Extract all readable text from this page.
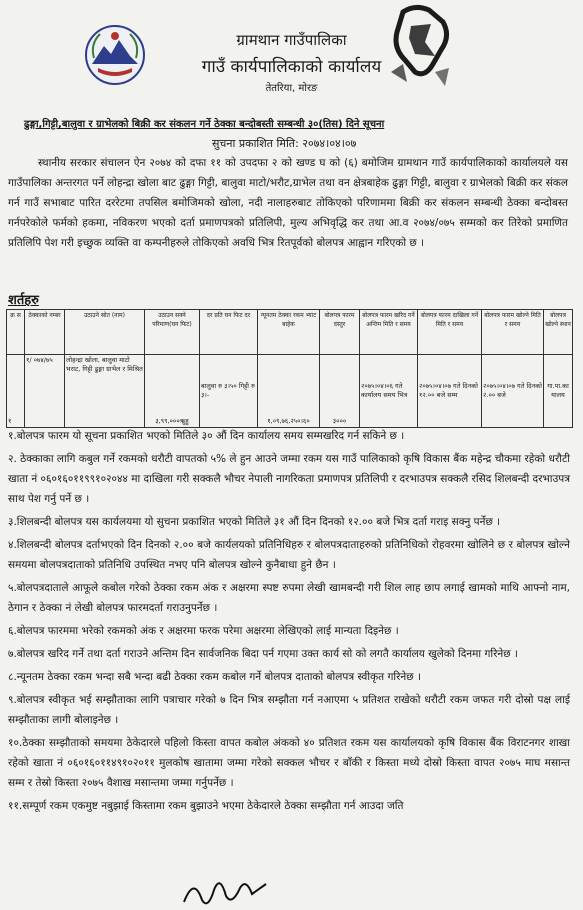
ग्रामथान गाउँपालिका
गाउँ कार्यपालिकाको कार्यालय
तेतरिया, मोरङ
ढुङ्गा,गिट्टी,बालुवा र ग्राभेलको बिक्री कर संकलन गर्ने ठेक्का बन्दोबस्ती सम्बन्धी ३०(तिस) दिने सूचना
सुचना प्रकाशित मिति: २०७४।०४।०७
स्थानीय सरकार संचालन ऐन २०७४ को दफा ११ को उपदफा २ को खण्ड घ को (६) बमोजिम ग्रामथान गाउँ कार्यपालिकाको कार्यालयले यस गाउँपालिका अन्तरगत पर्ने लोहन्द्रा खोला बाट ढुङ्गा गिट्टी, बालुवा माटो/भरौट,ग्राभेल तथा वन क्षेत्रबाहेक ढुङ्गा गिट्टी, बालुवा र ग्राभेलको बिक्री कर संकल गर्न गाउँ सभाबाट पारित दररेटमा तपसिल बमोजिमको खोला, नदी नालाहरुबाट तोकिएको परिणाममा बिक्री कर संकलन सम्बन्धी ठेक्का बन्दोबस्त गर्नपरेकोले फर्मको हकमा, नविकरण भएको दर्ता प्रमाणपत्रको प्रतिलिपी, मुल्य अभिवृद्धि कर तथा आ.व २०७४/०७५ सम्मको कर तिरेको प्रमाणित प्रतिलिपि पेश गरी इच्छुक व्यक्ति वा कम्पनीहरुले तोकिएको अवधि भित्र रितपूर्वको बोलपत्र आह्वान गरिएको छ ।
शर्तहरु
क्र स	ठेक्काको नम्बर	उठाउने स्रोत (नाम)	उठाउन सक्ने परिमाण(घन फिट)	दर प्रति घन फिट दर	न्यूनतम ठेक्का रकम भ्याट बाहेक	बोलपत्र फारम दस्तुर	बोलपत्र फारम खरिद गर्ने अन्तिम मिति र समय	बोलपत्र फारम दाखिला गर्ने मिति र समय	बोलपत्र फारम खोल्ने मिति र समय	बोलपत्र खोल्ने स्थान
१	१/ ०७४/७५	लोहन्द्रा खोला, बालुवा माटो भराट, गिट्टी ढुङ्गा ग्राभेल र मिश्रित	३,९९,०००ऋुहु	बालुवा रु ३।५० गिट्टी रु ३।-	१,०९,७६,२५०।६०	३०००	२०७५।०४।०६ गते कार्यालय समय भित्र	२०७५।०४।०७ गते दिनको १२.०० बजे सम्म	२०७५।०४।०७ गते दिनको २.०० बजे	गा.पा.का यालय

१.बोलपत्र फारम यो सूचना प्रकाशित भएको मितिले ३० औं दिन कार्यालय समय सम्मखरिद गर्न सकिने छ ।

२. ठेक्काका लागि कबुल गर्ने रकमको धरौटी वापतको ५% ले हुन आउने जम्मा रकम यस गाउँ पालिकाको कृषि विकास बैंक महेन्द्र चौकमा रहेको धरौटी खाता नं ०६०१६०११९९१०२०४४ मा दाखिला गरी सक्कलै भौचर नेपाली नागरिकता प्रमाणपत्र प्रतिलिपी र दरभाउपत्र सक्कलै रसिद शिलबन्दी दरभाउपत्र साथ पेश गर्नु पर्ने छ ।

३.शिलबन्दी बोलपत्र यस कार्यलयमा यो सुचना प्रकाशित भएको मितिले ३१ औं दिन दिनको १२.०० बजे भित्र दर्ता गराइ सक्नु पर्नेछ ।

४.शिलबन्दी बोलपत्र दर्ताभएको दिन दिनको २.०० बजे कार्यलयको प्रतिनिधिहरु र बोलपत्रदाताहरुको प्रतिनिधिको रोहवरमा खोलिने छ र बोलपत्र खोल्ने समयमा बोलपत्रदाताको प्रतिनिधि उपस्थित नभए पनि बोलपत्र खोल्ने कुनैबाधा हुने छैन ।

५.बोलपत्रदाताले आफूले कबोल गरेको ठेक्का रकम अंक र अक्षरमा स्पष्ट रुपमा लेखी खामबन्दी गरी शिल लाह छाप लगाई खामको माथि आफ्नो नाम, ठेगान र ठेक्का नं लेखी बोलपत्र फारमदर्ता गराउनुपर्नेछ ।

६.बोलपत्र फारममा भरेको रकमको अंक र अक्षरमा फरक परेमा अक्षरमा लेखिएको लाई मान्यता दिइनेछ ।

७.बोलपत्र खरिद गर्ने तथा दर्ता गराउने अन्तिम दिन सार्वजनिक बिदा पर्न गएमा उक्त कार्य सो को लगतै कार्यालय खुलेको दिनमा गरिनेछ ।

८.न्यूनतम ठेक्का रकम भन्दा सबै भन्दा बढी ठेक्का रकम कबोल गर्ने बोलपत्र दाताको बोलपत्र स्वीकृत गरिनेछ ।

९.बोलपत्र स्वीकृत भई सम्झौताका लागि पत्राचार गरेको ७ दिन भित्र सम्झौता गर्न नआएमा ५ प्रतिशत राखेको धरौटी रकम जफत गरी दोस्रो पक्ष लाई सम्झौताका लागी बोलाइनेछ ।

१०.ठेक्का सम्झौताको समयमा ठेकेदारले पहिलो किस्ता वापत कबोल अंकको ४० प्रतिशत रकम यस कार्यालयको कृषि विकास बैंक विराटनगर शाखा रहेको खाता नं ०६०१६०११४९१०२०११ मुलकोष खातामा जम्मा गरेको सक्कल भौचर र बाँकी र किस्ता मध्ये दोस्रो किस्ता वापत २०७५ माघ मसान्त सम्म र तेस्रो किस्ता २०७५ वैशाख मसान्तमा जम्मा गर्नुपर्नेछ ।

११.सम्पूर्ण रकम एकमुष्ट नबुझाई किस्तामा रकम बुझाउने भएमा ठेकेदारले ठेक्का सम्झौता गर्न आउदा जति
